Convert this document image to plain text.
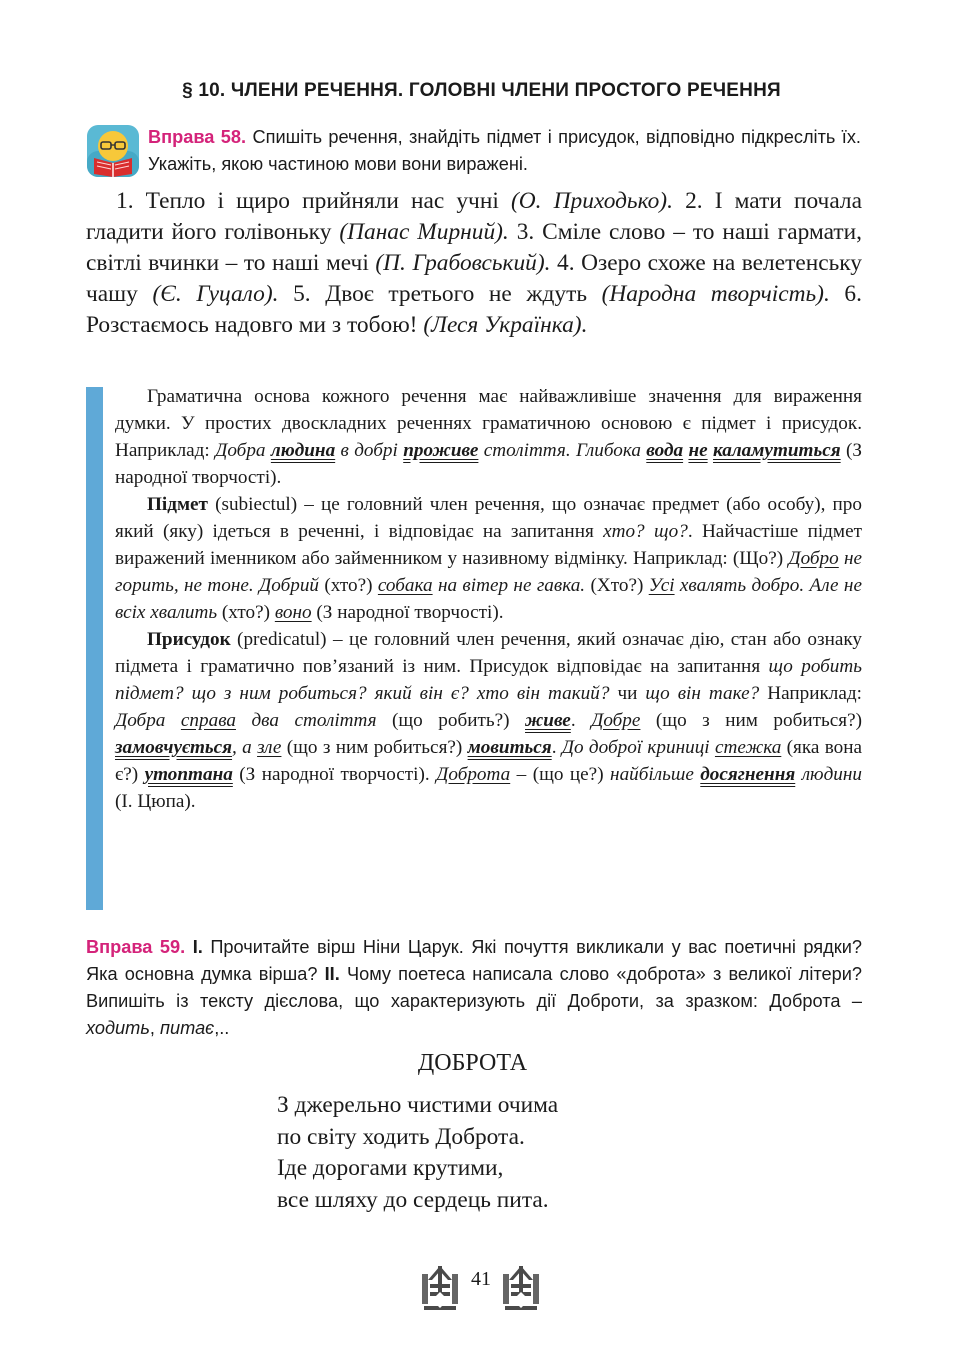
§ 10. ЧЛЕНИ РЕЧЕННЯ. ГОЛОВНІ ЧЛЕНИ ПРОСТОГО РЕЧЕННЯ
Вправа 58. Спишіть речення, знайдіть підмет і присудок, відповідно підкресліть їх. Укажіть, якою частиною мови вони виражені.
1. Тепло і щиро прийняли нас учні (О. Приходько). 2. І мати почала гладити його голівоньку (Панас Мирний). 3. Сміле слово – то наші гармати, світлі вчинки – то наші мечі (П. Грабовський). 4. Озеро схоже на велетенську чашу (Є. Гуцало). 5. Двоє третього не ждуть (Народна творчість). 6. Розстаємось надовго ми з тобою! (Леся Українка).

Граматична основа кожного речення має найважливіше значення для вираження думки. У простих двоскладних реченнях граматичною основою є підмет і присудок. Наприклад: Добра людина в добрі проживе століття. Глибока вода не каламутиться (З народної творчості).

Підмет (subiectul) – це головний член речення, що означає предмет (або особу), про який (яку) ідеться в реченні, і відповідає на запитання хто? що?. Найчастіше підмет виражений іменником або займенником у називному відмінку. Наприклад: (Що?) Добро не горить, не тоне. Добрий (хто?) собака на вітер не гавка. (Хто?) Усі хвалять добро. Але не всіх хвалить (хто?) воно (З народної творчості).

Присудок (predicatul) – це головний член речення, який означає дію, стан або ознаку підмета і граматично пов’язаний із ним. Присудок відповідає на запитання що робить підмет? що з ним робиться? який він є? хто він такий? чи що він таке? Наприклад: Добра справа два століття (що робить?) живе. Добре (що з ним робиться?) замовчується, а зле (що з ним робиться?) мовиться. До доброї криниці стежка (яка вона є?) утоптана (З народної творчості). Доброта – (що це?) найбільше досягнення людини (І. Цюпа).

Вправа 59. I. Прочитайте вірш Ніни Царук. Які почуття викликали у вас поетичні рядки? Яка основна думка вірша? II. Чому поетеса написала слово «доброта» з великої літери? Випишіть із тексту дієслова, що характеризують дії Доброти, за зразком: Доброта – ходить, питає,..
ДОБРОТА
З джерельно чистими очима
по світу ходить Доброта.
Іде дорогами крутими,
все шляху до сердець пита.
41
